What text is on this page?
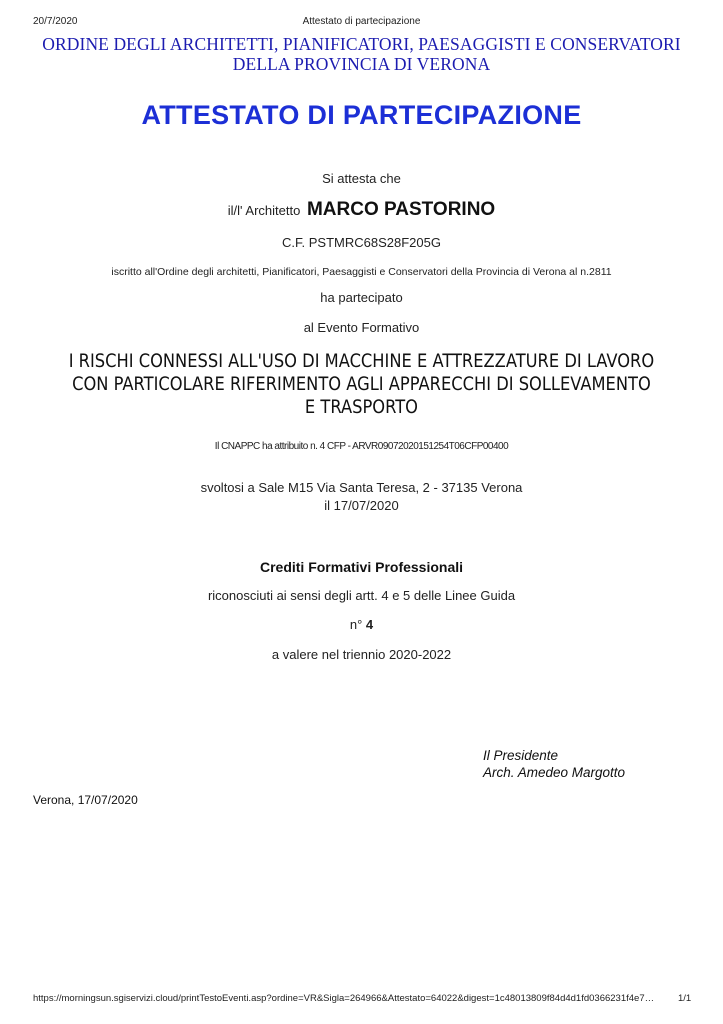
20/7/2020	Attestato di partecipazione
ORDINE DEGLI ARCHITETTI, PIANIFICATORI, PAESAGGISTI E CONSERVATORI
DELLA PROVINCIA DI VERONA
ATTESTATO DI PARTECIPAZIONE
Si attesta che
il/l' Architetto MARCO PASTORINO
C.F. PSTMRC68S28F205G
iscritto all'Ordine degli architetti, Pianificatori, Paesaggisti e Conservatori della Provincia di Verona al n.2811
ha partecipato
al Evento Formativo
I RISCHI CONNESSI ALL'USO DI MACCHINE E ATTREZZATURE DI LAVORO
CON PARTICOLARE RIFERIMENTO AGLI APPARECCHI DI SOLLEVAMENTO
E TRASPORTO
Il CNAPPC ha attribuito n. 4 CFP - ARVR09072020151254T06CFP00400
svoltosi a Sale M15 Via Santa Teresa, 2 - 37135 Verona
il 17/07/2020
Crediti Formativi Professionali
riconosciuti ai sensi degli artt. 4 e 5 delle Linee Guida
n° 4
a valere nel triennio 2020-2022
Il Presidente
Arch. Amedeo Margotto
Verona, 17/07/2020
https://morningsun.sgiservizi.cloud/printTestoEventi.asp?ordine=VR&Sigla=264966&Attestato=64022&digest=1c48013809f84d4d1fd0366231f4e7…	1/1
